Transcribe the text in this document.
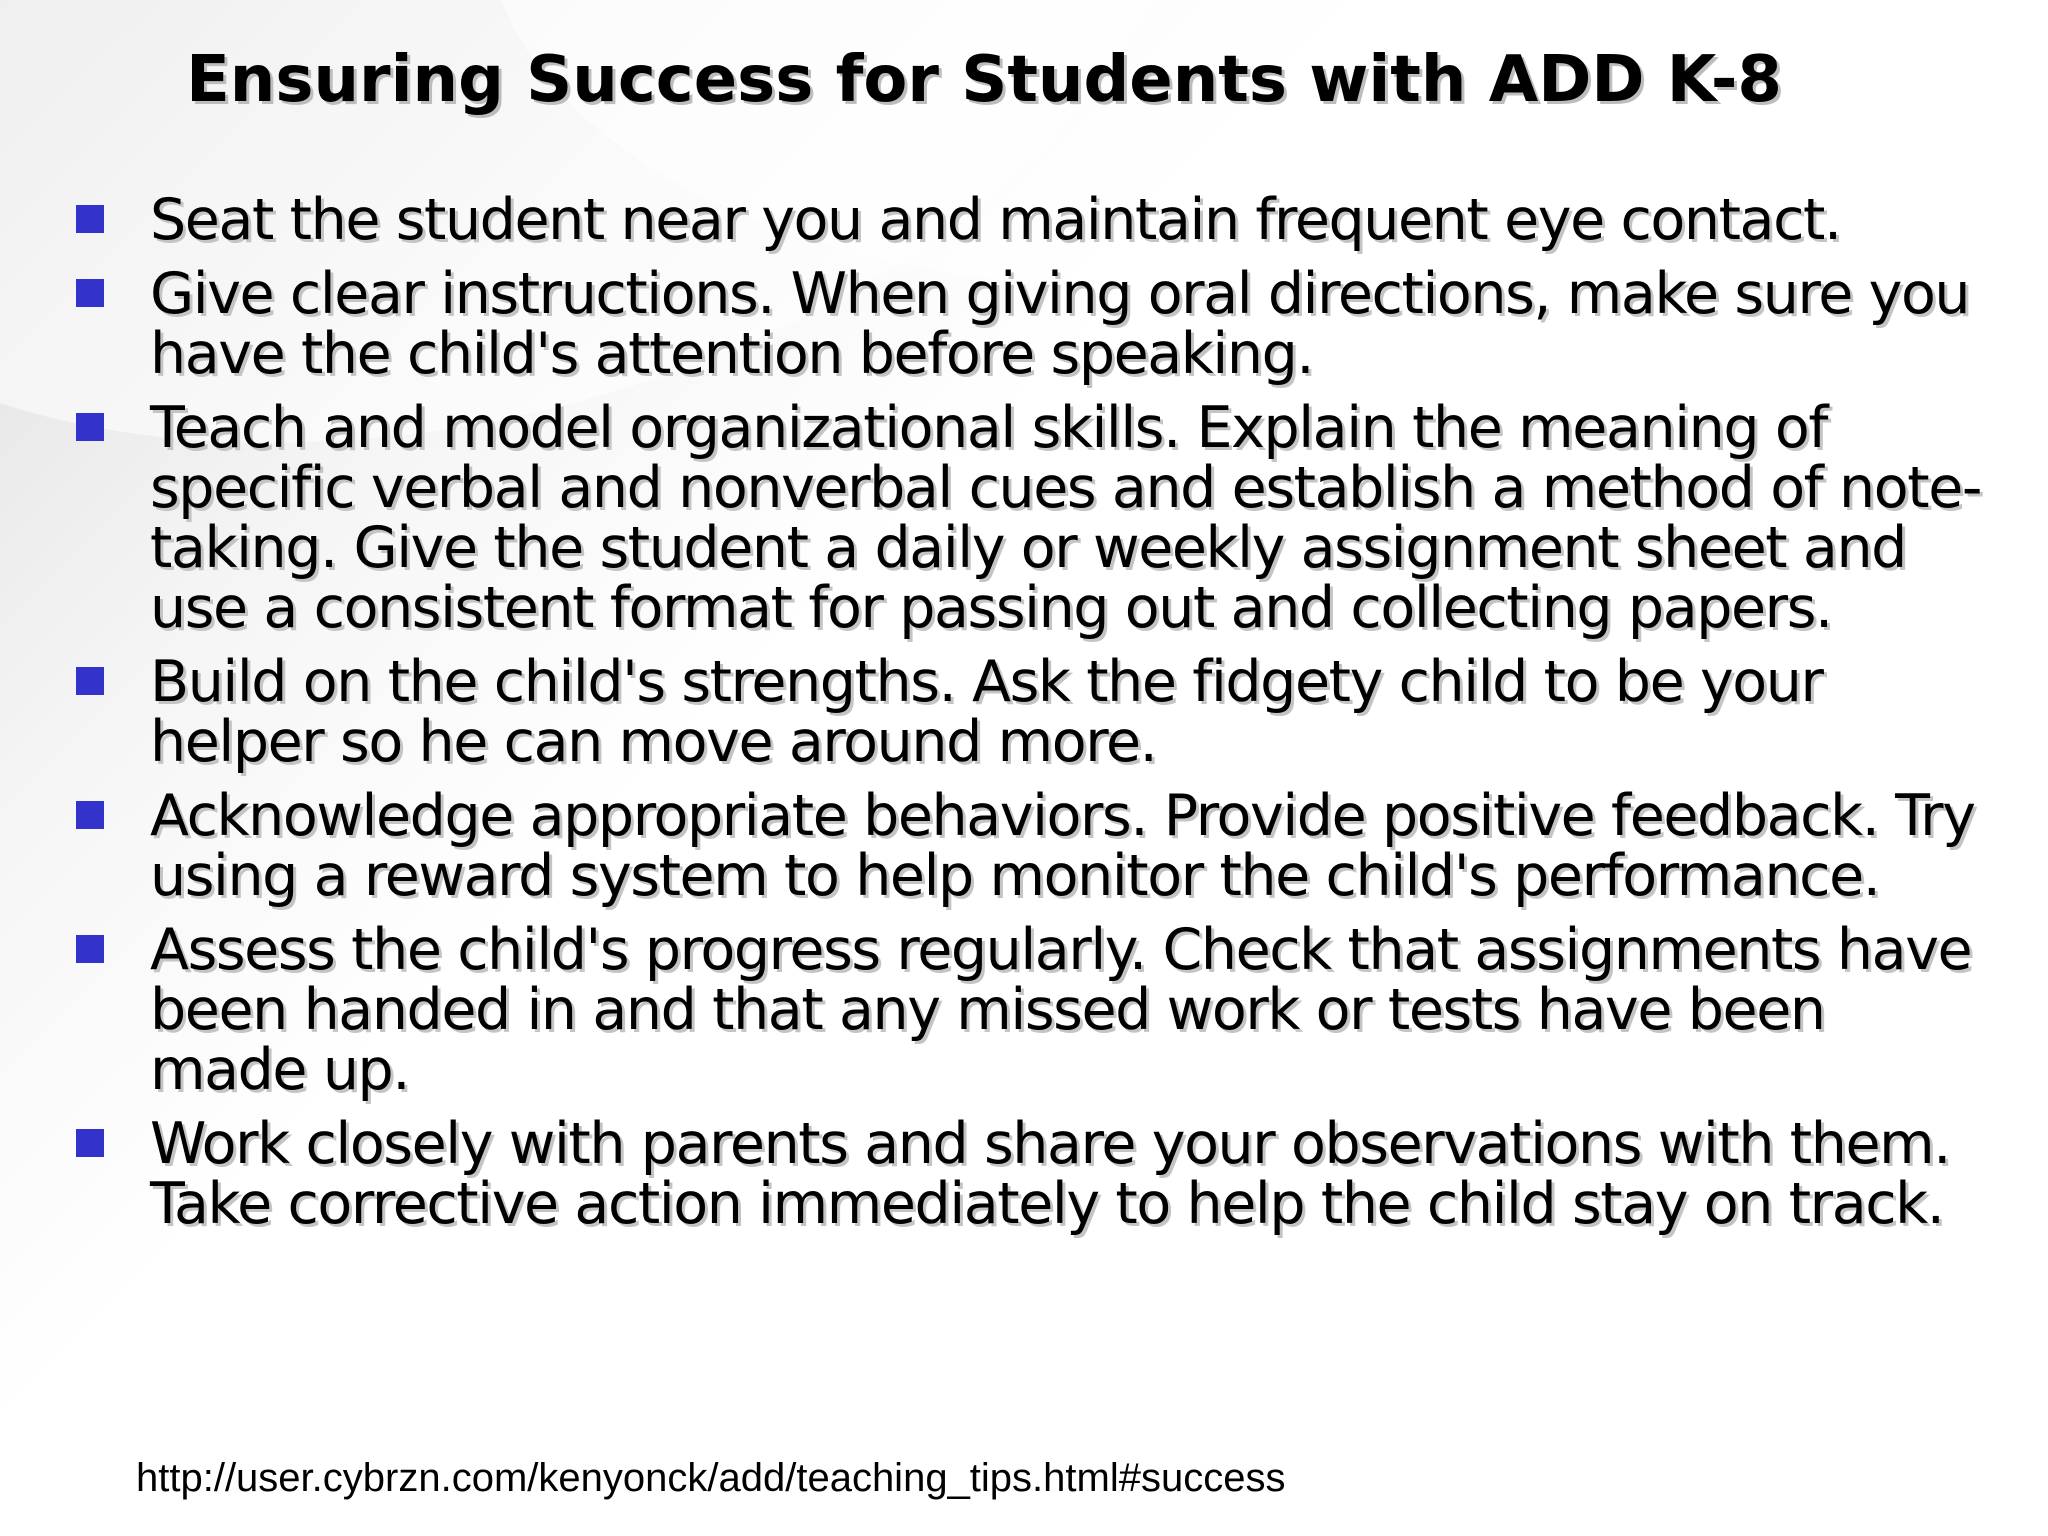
Ensuring Success for Students with ADD K-8
Seat the student near you and maintain frequent eye contact.
Give clear instructions. When giving oral directions, make sure you have the child's attention before speaking.
Teach and model organizational skills. Explain the meaning of specific verbal and nonverbal cues and establish a method of note-taking. Give the student a daily or weekly assignment sheet and use a consistent format for passing out and collecting papers.
Build on the child's strengths. Ask the fidgety child to be your helper so he can move around more.
Acknowledge appropriate behaviors. Provide positive feedback. Try using a reward system to help monitor the child's performance.
Assess the child's progress regularly. Check that assignments have been handed in and that any missed work or tests have been made up.
Work closely with parents and share your observations with them. Take corrective action immediately to help the child stay on track.

http://user.cybrzn.com/kenyonck/add/teaching_tips.html#success
